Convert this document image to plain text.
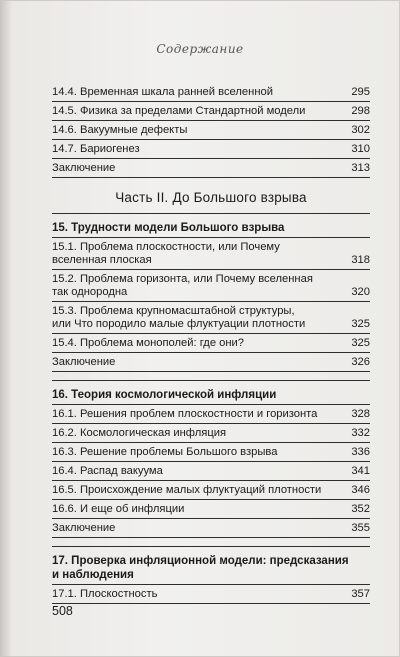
Содержание
14.4. Временная шкала ранней вселенной	295
14.5. Физика за пределами Стандартной модели	298
14.6. Вакуумные дефекты	302
14.7. Бариогенез	310
Заключение	313
Часть II. До Большого взрыва
15. Трудности модели Большого взрыва
15.1. Проблема плоскостности, или Почему
вселенная плоская	318
15.2. Проблема горизонта, или Почему вселенная
так однородна	320
15.3. Проблема крупномасштабной структуры,
или Что породило малые флуктуации плотности	325
15.4. Проблема монополей: где они?	325
Заключение	326
16. Теория космологической инфляции
16.1. Решения проблем плоскостности и горизонта	328
16.2. Космологическая инфляция	332
16.3. Решение проблемы Большого взрыва	336
16.4. Распад вакуума	341
16.5. Происхождение малых флуктуаций плотности	346
16.6. И еще об инфляции	352
Заключение	355
17. Проверка инфляционной модели: предсказания
и наблюдения
17.1. Плоскостность	357
508
